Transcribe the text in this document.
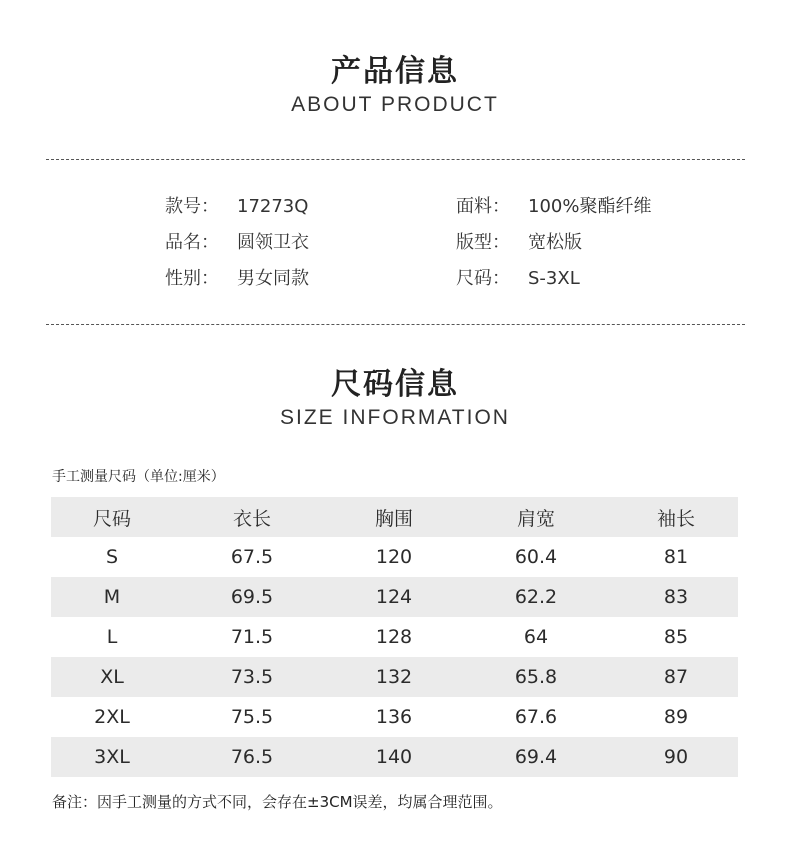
产品信息
ABOUT PRODUCT
款号： 17273Q	面料： 100%聚酯纤维
品名： 圆领卫衣	版型： 宽松版
性别： 男女同款	尺码： S-3XL
尺码信息
SIZE INFORMATION
手工测量尺码（单位:厘米）
尺码	衣长	胸围	肩宽	袖长
S	67.5	120	60.4	81
M	69.5	124	62.2	83
L	71.5	128	64	85
XL	73.5	132	65.8	87
2XL	75.5	136	67.6	89
3XL	76.5	140	69.4	90
备注：因手工测量的方式不同，会存在±3CM误差，均属合理范围。
